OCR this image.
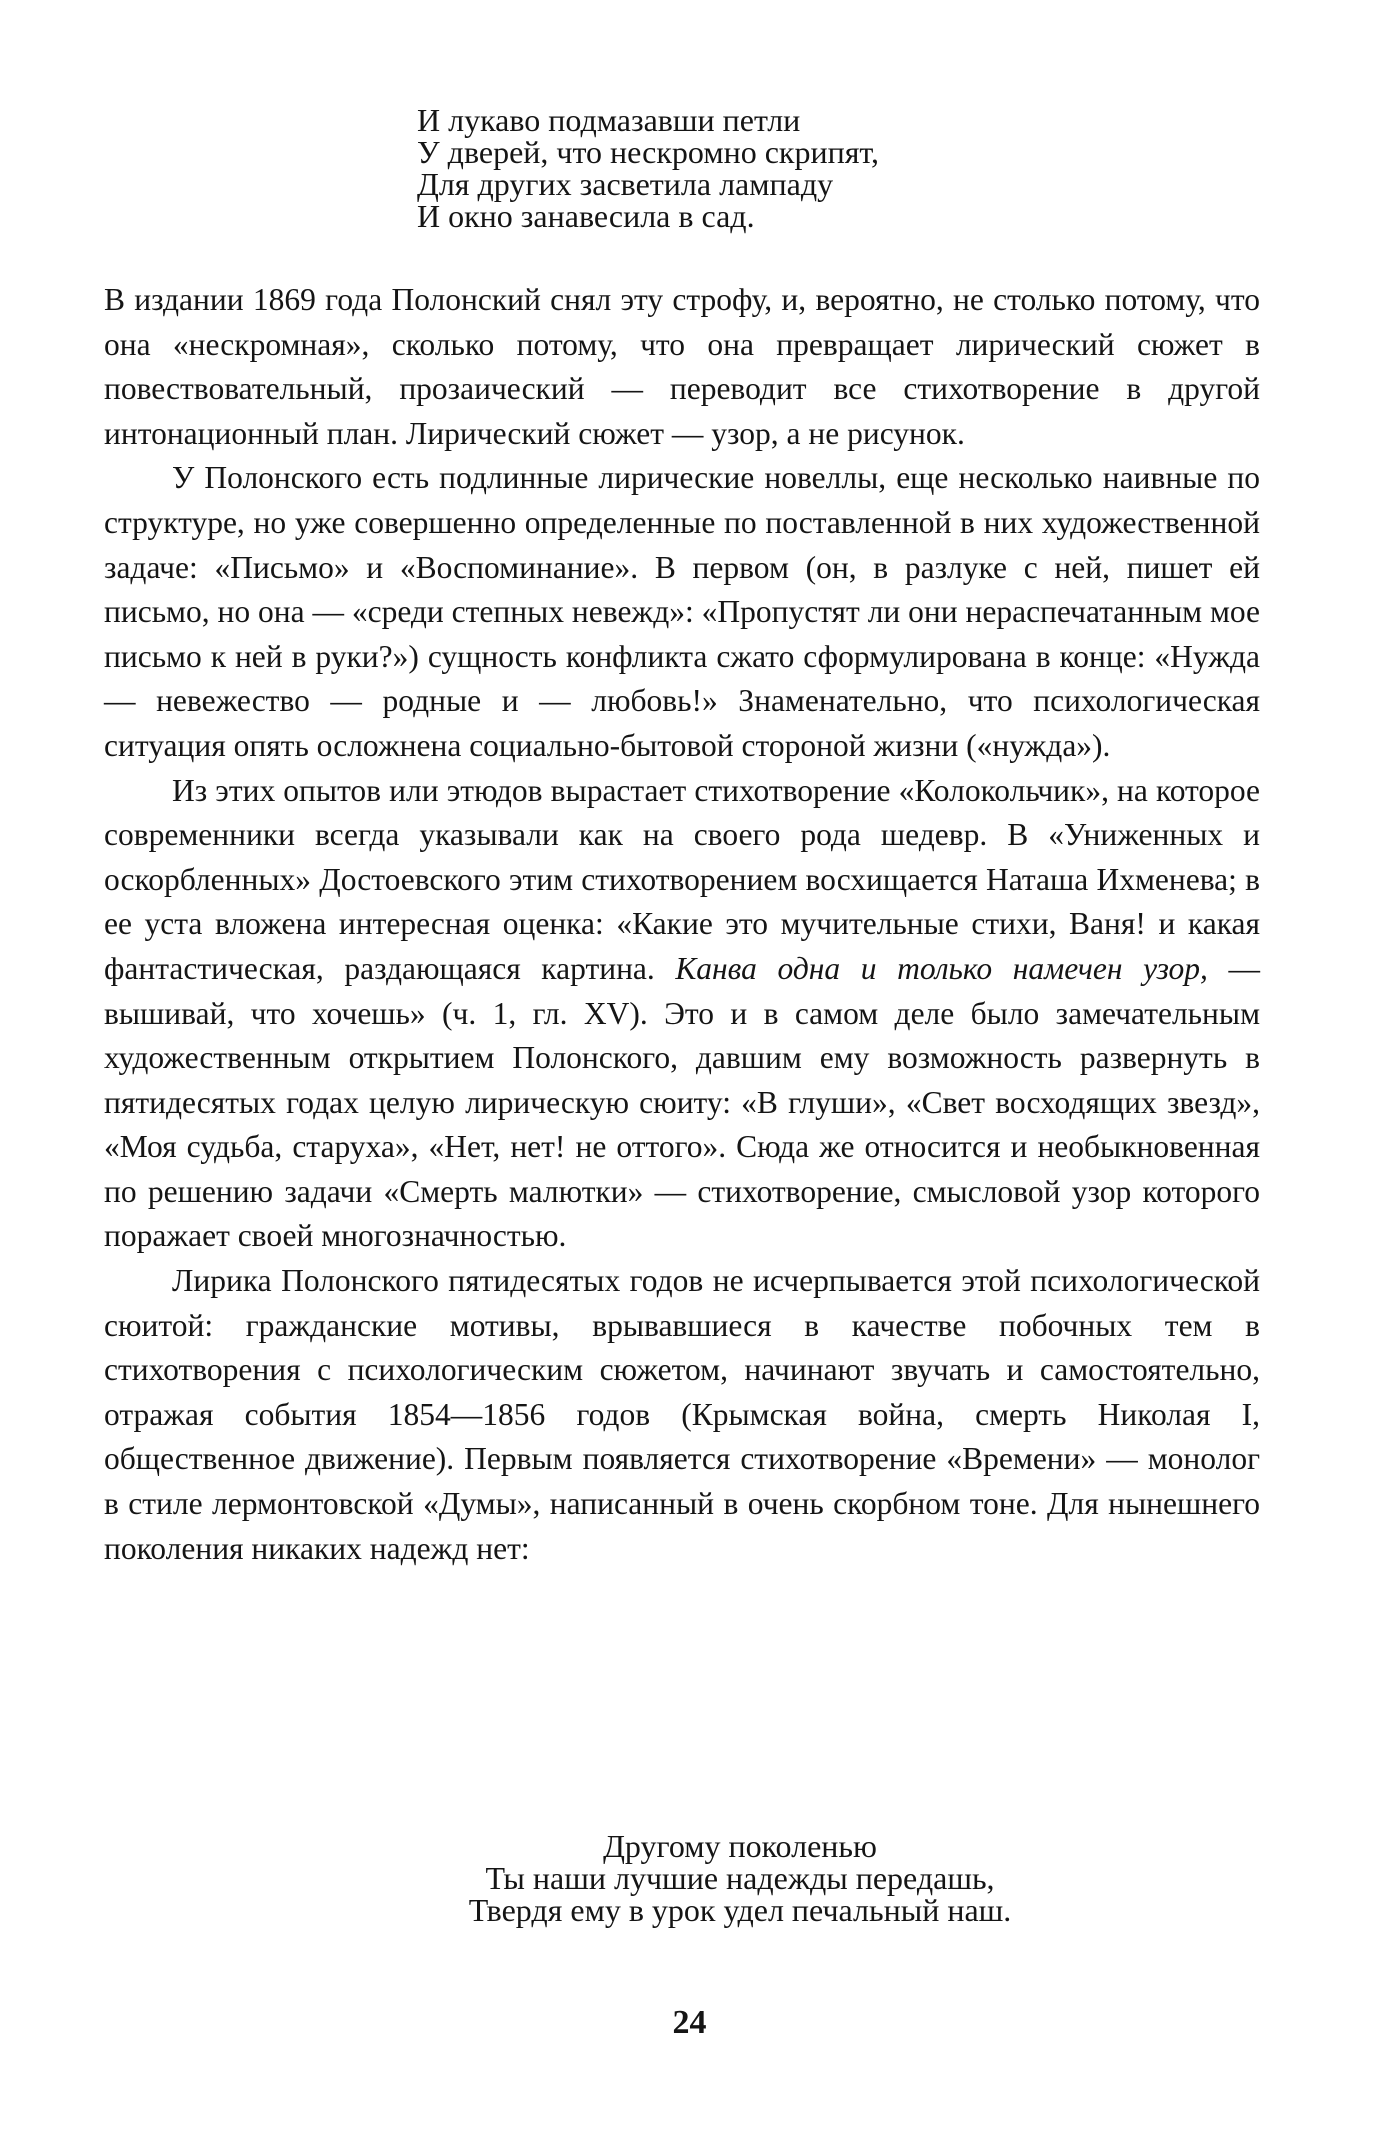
И лукаво подмазавши петли
У дверей, что нескромно скрипят,
Для других засветила лампаду
И окно занавесила в сад.

В издании 1869 года Полонский снял эту строфу, и, вероятно, не столько потому, что она «нескромная», сколько потому, что она превращает лирический сюжет в повествовательный, прозаический — переводит все стихотворение в другой интонационный план. Лирический сюжет — узор, а не рисунок.

У Полонского есть подлинные лирические новеллы, еще несколько наивные по структуре, но уже совершенно определенные по поставленной в них художественной задаче: «Письмо» и «Воспоминание». В первом (он, в разлуке с ней, пишет ей письмо, но она — «среди степных невежд»: «Пропустят ли они нераспечатанным мое письмо к ней в руки?») сущность конфликта сжато сформулирована в конце: «Нужда — невежество — родные и — любовь!» Знаменательно, что психологическая ситуация опять осложнена социально-бытовой стороной жизни («нужда»).

Из этих опытов или этюдов вырастает стихотворение «Колокольчик», на которое современники всегда указывали как на своего рода шедевр. В «Униженных и оскорбленных» Достоевского этим стихотворением восхищается Наташа Ихменева; в ее уста вложена интересная оценка: «Какие это мучительные стихи, Ваня! и какая фантастическая, раздающаяся картина. Канва одна и только намечен узор, — вышивай, что хочешь» (ч. 1, гл. XV). Это и в самом деле было замечательным художественным открытием Полонского, давшим ему возможность развернуть в пятидесятых годах целую лирическую сюиту: «В глуши», «Свет восходящих звезд», «Моя судьба, старуха», «Нет, нет! не оттого». Сюда же относится и необыкновенная по решению задачи «Смерть малютки» — стихотворение, смысловой узор которого поражает своей многозначностью.

Лирика Полонского пятидесятых годов не исчерпывается этой психологической сюитой: гражданские мотивы, врывавшиеся в качестве побочных тем в стихотворения с психологическим сюжетом, начинают звучать и самостоятельно, отражая события 1854—1856 годов (Крымская война, смерть Николая I, общественное движение). Первым появляется стихотворение «Времени» — монолог в стиле лермонтовской «Думы», написанный в очень скорбном тоне. Для нынешнего поколения никаких надежд нет:

Другому поколенью
Ты наши лучшие надежды передашь,
Твердя ему в урок удел печальный наш.
24
